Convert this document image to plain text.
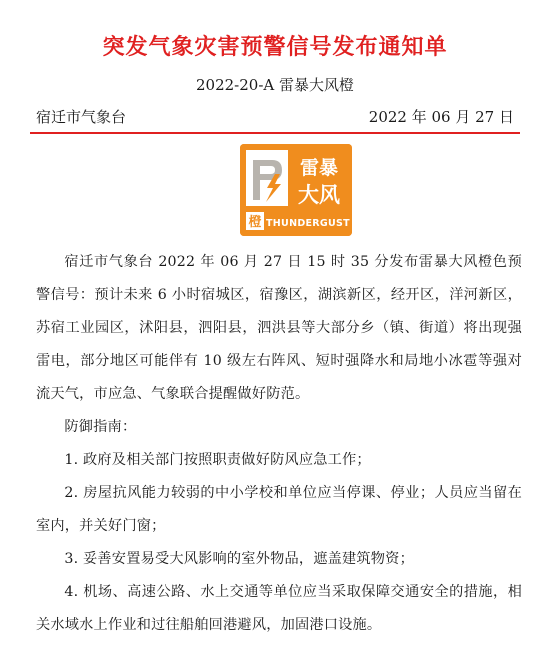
突发气象灾害预警信号发布通知单
2022-20-A 雷暴大风橙
宿迁市气象台	2022 年 06 月 27 日
雷暴
大风
橙 THUNDERGUST

宿迁市气象台 2022 年 06 月 27 日 15 时 35 分发布雷暴大风橙色预警信号：预计未来 6 小时宿城区，宿豫区，湖滨新区，经开区，洋河新区，苏宿工业园区，沭阳县，泗阳县，泗洪县等大部分乡（镇、街道）将出现强雷电，部分地区可能伴有 10 级左右阵风、短时强降水和局地小冰雹等强对流天气，市应急、气象联合提醒做好防范。

防御指南：

1. 政府及相关部门按照职责做好防风应急工作；

2. 房屋抗风能力较弱的中小学校和单位应当停课、停业；人员应当留在室内，并关好门窗；

3. 妥善安置易受大风影响的室外物品，遮盖建筑物资；

4. 机场、高速公路、水上交通等单位应当采取保障交通安全的措施，相关水域水上作业和过往船舶回港避风，加固港口设施。
